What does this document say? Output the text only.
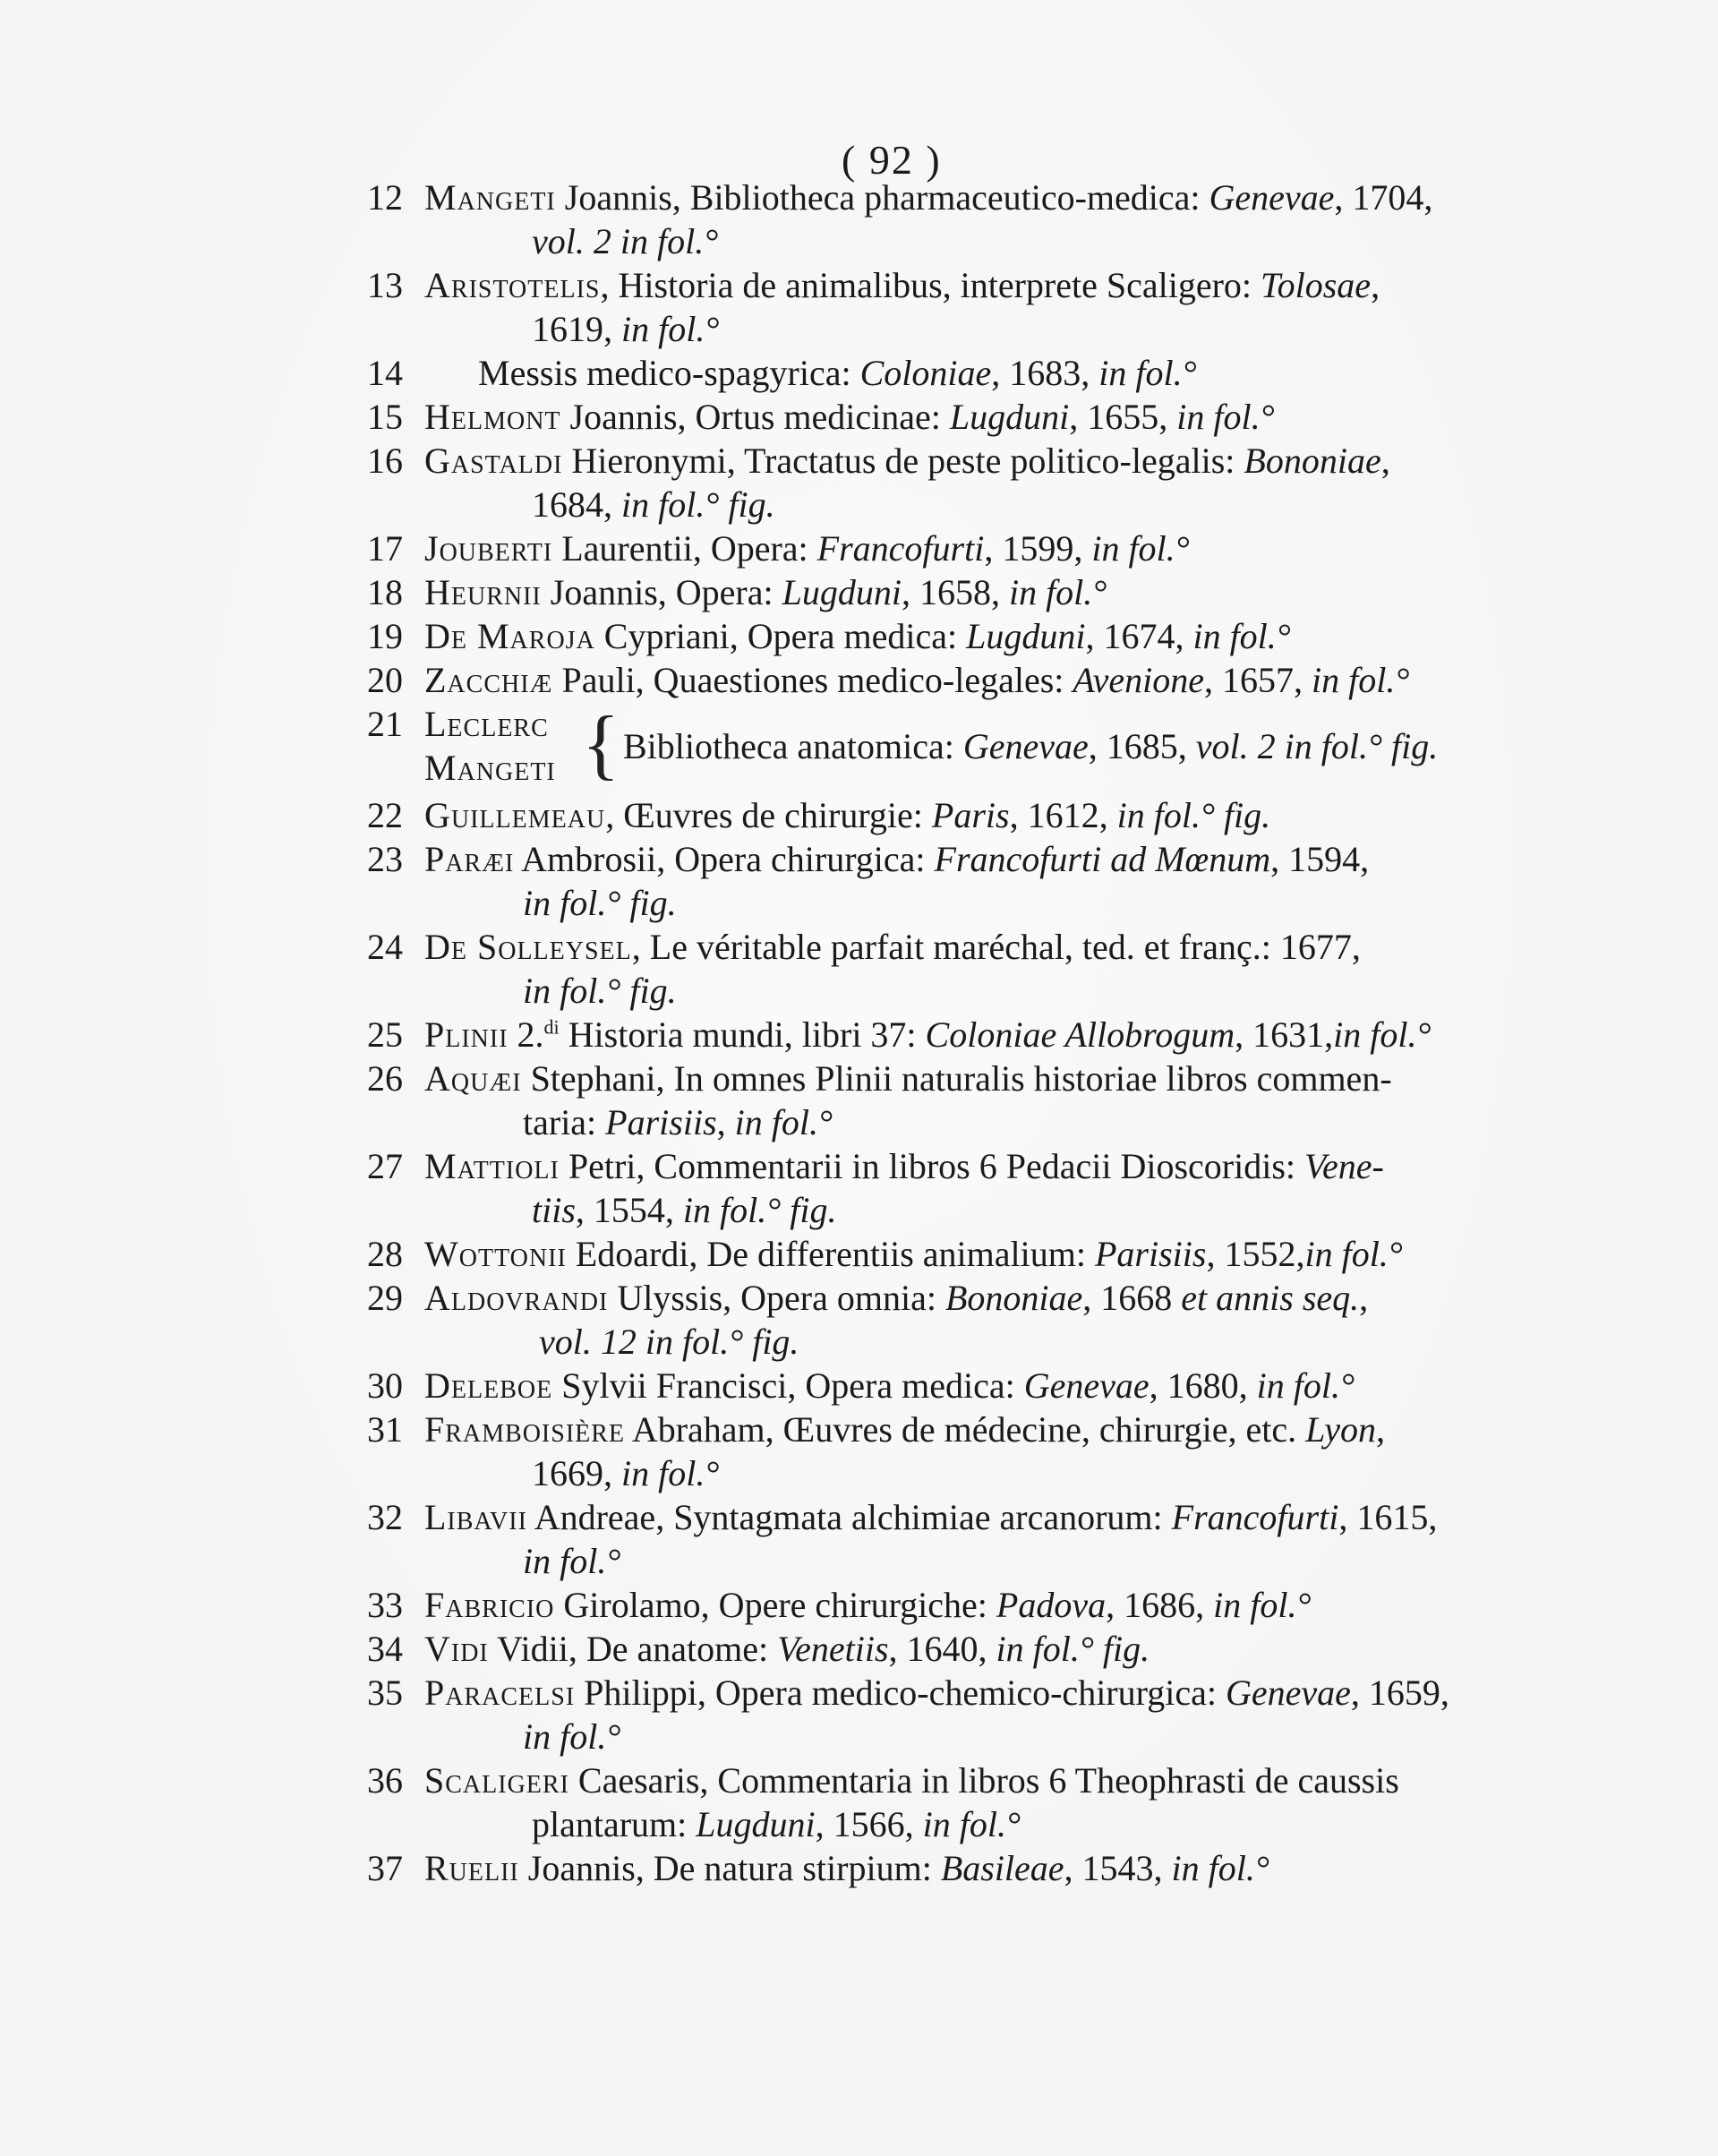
( 92 )
12 Mangeti Joannis, Bibliotheca pharmaceutico-medica: Genevae, 1704,
vol. 2 in fol.°
13 Aristotelis, Historia de animalibus, interprete Scaligero: Tolosae,
1619, in fol.°
14	Messis medico-spagyrica: Coloniae, 1683, in fol.°
15 Helmont Joannis, Ortus medicinae: Lugduni, 1655, in fol.°
16 Gastaldi Hieronymi, Tractatus de peste politico-legalis: Bononiae,
1684, in fol.° fig.
17 Jouberti Laurentii, Opera: Francofurti, 1599, in fol.°
18 Heurnii Joannis, Opera: Lugduni, 1658, in fol.°
19 De Maroja Cypriani, Opera medica: Lugduni, 1674, in fol.°
20 Zacchiæ Pauli, Quaestiones medico-legales: Avenione, 1657, in fol.°
21 Leclerc
Mangeti { Bibliotheca anatomica: Genevae, 1685, vol. 2 in fol.° fig.
22 Guillemeau, Œuvres de chirurgie: Paris, 1612, in fol.° fig.
23 Paræi Ambrosii, Opera chirurgica: Francofurti ad Mœnum, 1594,
in fol.° fig.
24 De Solleysel, Le véritable parfait maréchal, ted. et franç.: 1677,
in fol.° fig.
25 Plinii 2.$^{di}$ Historia mundi, libri 37: Coloniae Allobrogum, 1631,in fol.°
26 Aquæi Stephani, In omnes Plinii naturalis historiae libros commen-
taria: Parisiis, in fol.°
27 Mattioli Petri, Commentarii in libros 6 Pedacii Dioscoridis: Vene-
tiis, 1554, in fol.° fig.
28 Wottonii Edoardi, De differentiis animalium: Parisiis, 1552,in fol.°
29 Aldovrandi Ulyssis, Opera omnia: Bononiae, 1668 et annis seq.,
vol. 12 in fol.° fig.
30 Deleboe Sylvii Francisci, Opera medica: Genevae, 1680, in fol.°
31 Framboisière Abraham, Œuvres de médecine, chirurgie, etc. Lyon,
1669, in fol.°
32 Libavii Andreae, Syntagmata alchimiae arcanorum: Francofurti, 1615,
in fol.°
33 Fabricio Girolamo, Opere chirurgiche: Padova, 1686, in fol.°
34 Vidi Vidii, De anatome: Venetiis, 1640, in fol.° fig.
35 Paracelsi Philippi, Opera medico-chemico-chirurgica: Genevae, 1659,
in fol.°
36 Scaligeri Caesaris, Commentaria in libros 6 Theophrasti de caussis
plantarum: Lugduni, 1566, in fol.°
37 Ruelii Joannis, De natura stirpium: Basileae, 1543, in fol.°
